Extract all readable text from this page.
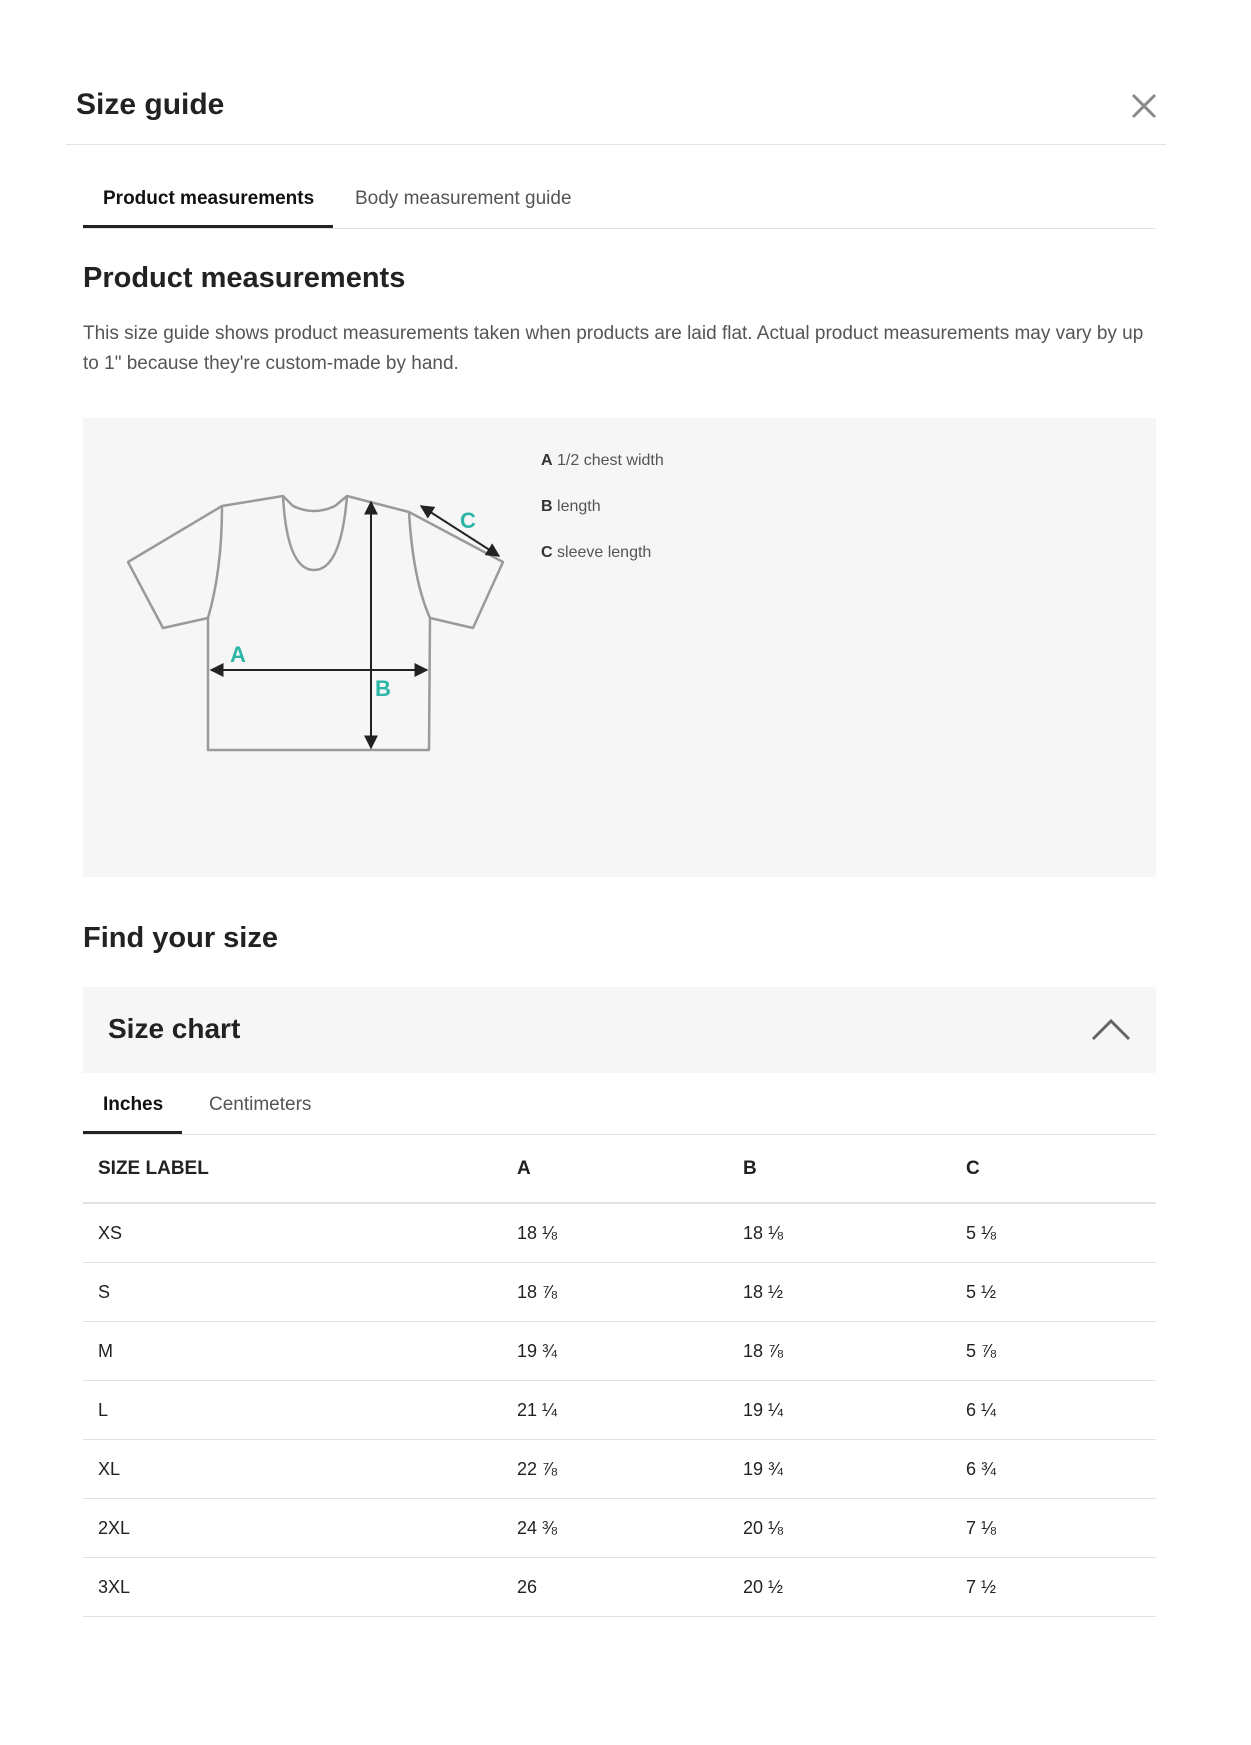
Size guide
Product measurements Body measurement guide
Product measurements
This size guide shows product measurements taken when products are laid flat. Actual product measurements may vary by up to 1" because they're custom-made by hand.
A
B
C
A 1/2 chest width
B length
C sleeve length
Find your size
Size chart
Inches Centimeters
SIZE LABEL	A	B	C
XS	18 ⅛	18 ⅛	5 ⅛
S	18 ⅞	18 ½	5 ½
M	19 ¾	18 ⅞	5 ⅞
L	21 ¼	19 ¼	6 ¼
XL	22 ⅞	19 ¾	6 ¾
2XL	24 ⅜	20 ⅛	7 ⅛
3XL	26	20 ½	7 ½
